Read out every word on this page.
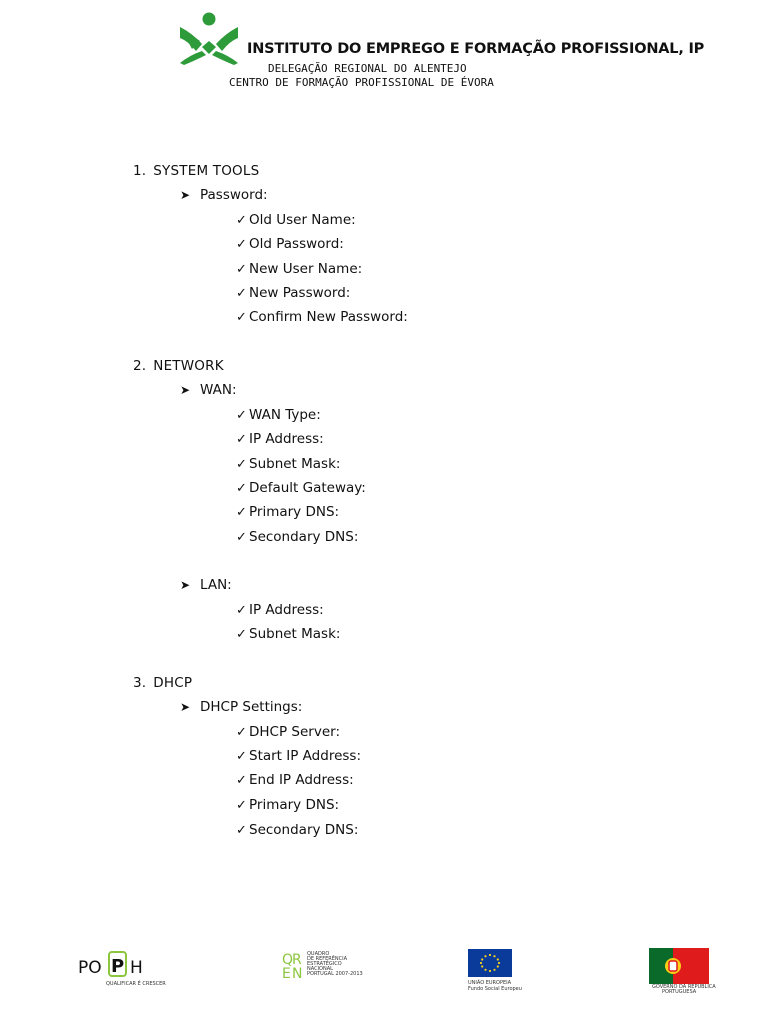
INSTITUTO DO EMPREGO E FORMAÇÃO PROFISSIONAL, IP
DELEGAÇÃO REGIONAL DO ALENTEJO
CENTRO DE FORMAÇÃO PROFISSIONAL DE ÉVORA
1. SYSTEM TOOLS
➤ Password:
✓ Old User Name:
✓ Old Password:
✓ New User Name:
✓ New Password:
✓ Confirm New Password:
2. NETWORK
➤ WAN:
✓ WAN Type:
✓ IP Address:
✓ Subnet Mask:
✓ Default Gateway:
✓ Primary DNS:
✓ Secondary DNS:
➤ LAN:
✓ IP Address:
✓ Subnet Mask:
3. DHCP
➤ DHCP Settings:
✓ DHCP Server:
✓ Start IP Address:
✓ End IP Address:
✓ Primary DNS:
✓ Secondary DNS:
PO P H
QUALIFICAR É CRESCER
Q
R
E N
QUADRO
DE REFERÊNCIA
ESTRATÉGICO
NACIONAL
PORTUGAL 2007-2013
UNIÃO EUROPEIA
Fundo Social Europeu	GOVERNO DA REPÚBLICA
PORTUGUESA
